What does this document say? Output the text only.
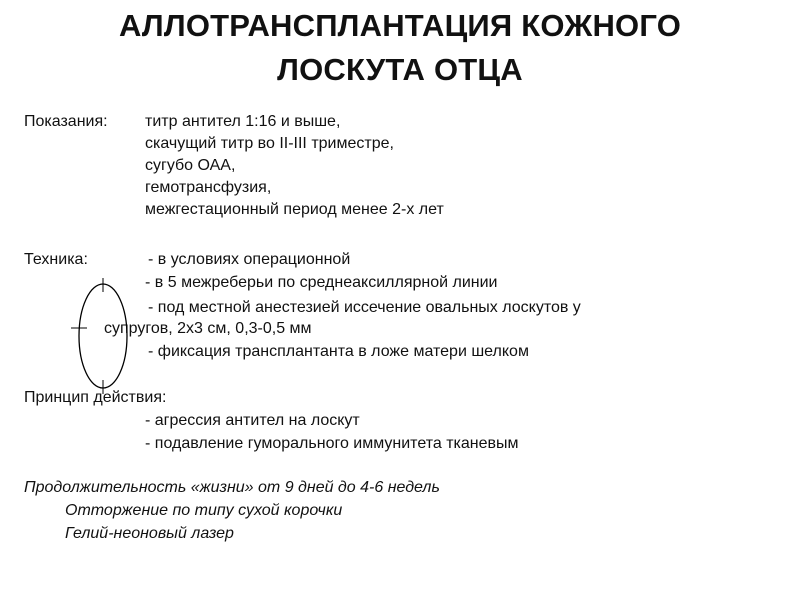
АЛЛОТРАНСПЛАНТАЦИЯ КОЖНОГО
ЛОСКУТА ОТЦА
Показания: титр антител 1:16 и выше,
скачущий титр во II-III триместре,
сугубо ОАА,
гемотрансфузия,
межгестационный период менее 2-х лет
Техника:	- в условиях операционной
- в 5 межреберьи по среднеаксиллярной линии
- под местной анестезией иссечение овальных лоскутов у
супругов, 2х3 см, 0,3-0,5 мм
- фиксация трансплантанта в ложе матери шелком
Принцип действия:
- агрессия антител на лоскут
- подавление гуморального иммунитета тканевым
Продолжительность «жизни» от 9 дней до 4-6 недель
Отторжение по типу сухой корочки
Гелий-неоновый лазер
